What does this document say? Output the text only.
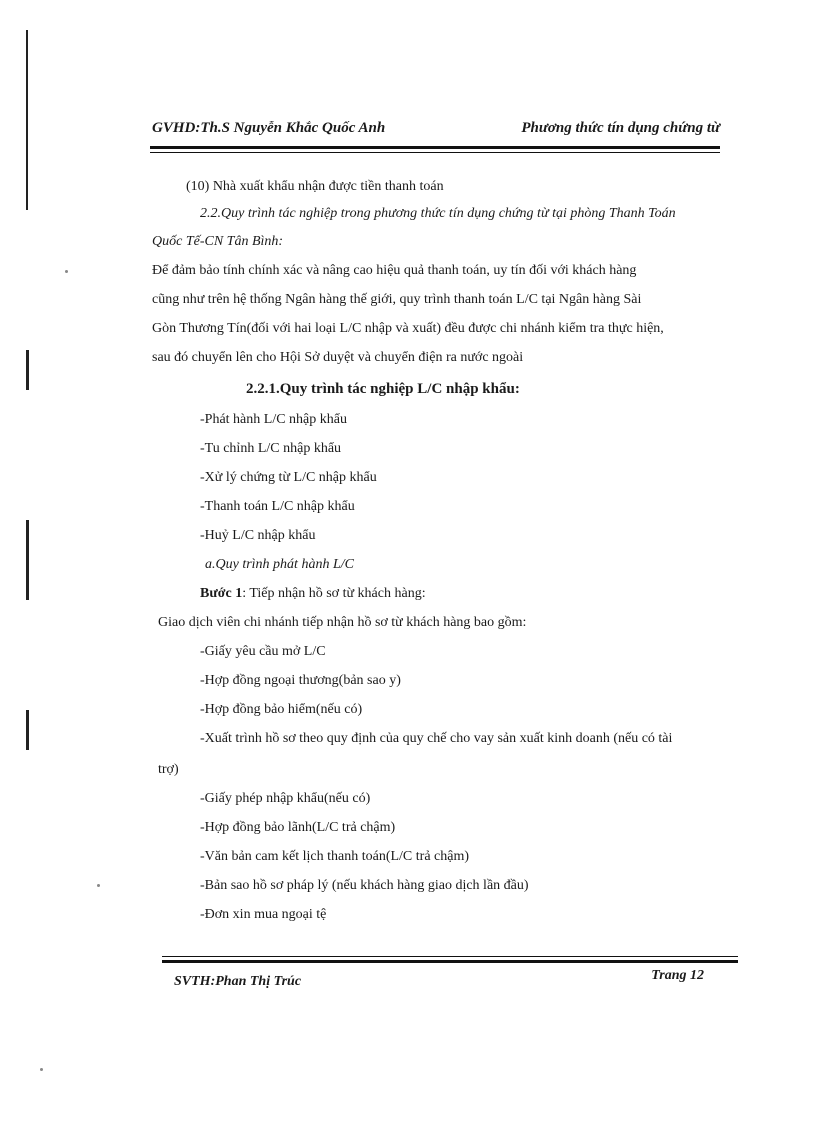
GVHD:Th.S Nguyễn Khắc Quốc Anh	Phương thức tín dụng chứng từ
(10) Nhà xuất khẩu nhận được tiền thanh toán
2.2.Quy trình tác nghiệp trong phương thức tín dụng chứng từ tại phòng Thanh Toán
Quốc Tế-CN Tân Bình:
Để đảm bảo tính chính xác và nâng cao hiệu quả thanh toán, uy tín đối với khách hàng
cũng như trên hệ thống Ngân hàng thế giới, quy trình thanh toán L/C tại Ngân hàng Sài
Gòn Thương Tín(đối với hai loại L/C nhập và xuất) đều được chi nhánh kiểm tra thực hiện,
sau đó chuyển lên cho Hội Sở duyệt và chuyển điện ra nước ngoài
2.2.1.Quy trình tác nghiệp L/C nhập khẩu:
-Phát hành L/C nhập khẩu
-Tu chỉnh L/C nhập khẩu
-Xử lý chứng từ L/C nhập khẩu
-Thanh toán L/C nhập khẩu
-Huỷ L/C nhập khẩu
a.Quy trình phát hành L/C
Bước 1: Tiếp nhận hồ sơ từ khách hàng:
Giao dịch viên chi nhánh tiếp nhận hồ sơ từ khách hàng bao gồm:
-Giấy yêu cầu mở L/C
-Hợp đồng ngoại thương(bản sao y)
-Hợp đồng bảo hiểm(nếu có)
-Xuất trình hồ sơ theo quy định của quy chế cho vay sản xuất kinh doanh (nếu có tài
trợ)
-Giấy phép nhập khẩu(nếu có)
-Hợp đồng bảo lãnh(L/C trả chậm)
-Văn bản cam kết lịch thanh toán(L/C trả chậm)
-Bản sao hồ sơ pháp lý (nếu khách hàng giao dịch lần đầu)
-Đơn xin mua ngoại tệ
SVTH:Phan Thị Trúc	Trang 12
